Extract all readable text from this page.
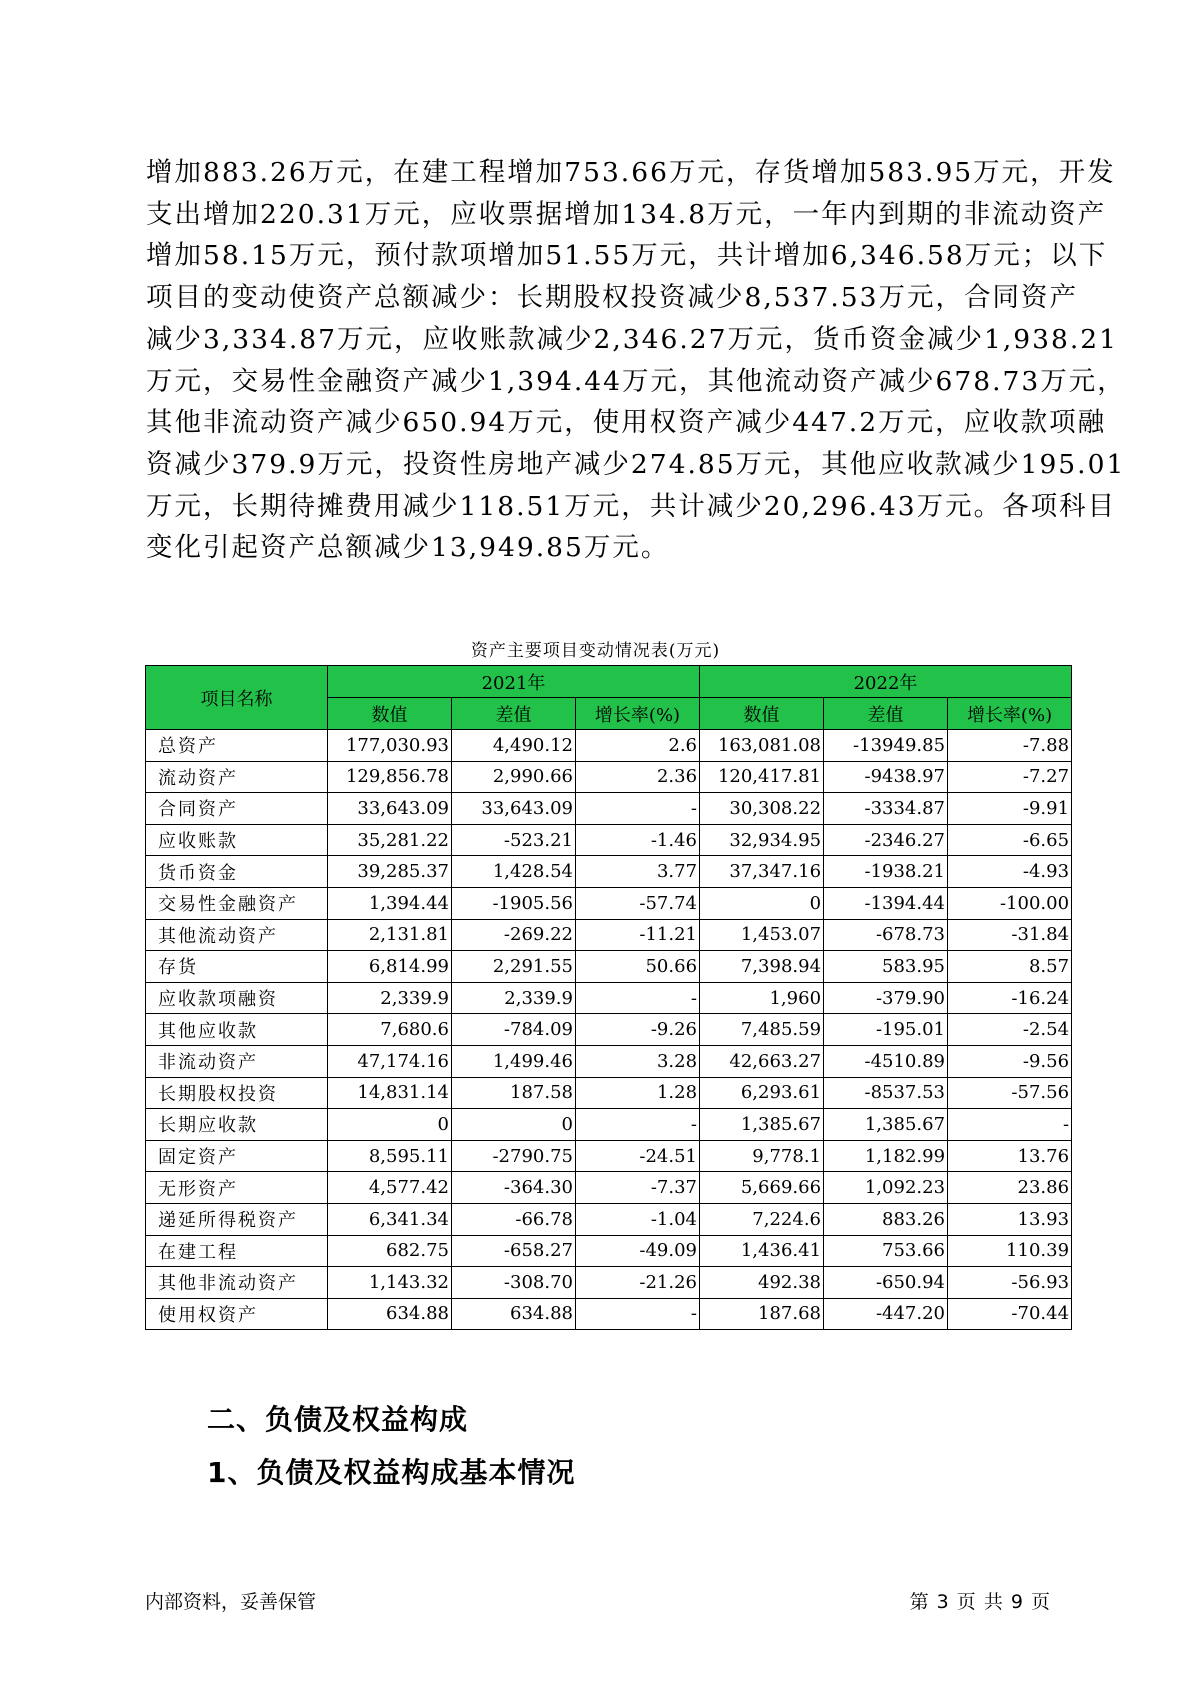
增加883.26万元，在建工程增加753.66万元，存货增加583.95万元，开发
支出增加220.31万元，应收票据增加134.8万元，一年内到期的非流动资产
增加58.15万元，预付款项增加51.55万元，共计增加6,346.58万元；以下
项目的变动使资产总额减少：长期股权投资减少8,537.53万元，合同资产
减少3,334.87万元，应收账款减少2,346.27万元，货币资金减少1,938.21
万元，交易性金融资产减少1,394.44万元，其他流动资产减少678.73万元，
其他非流动资产减少650.94万元，使用权资产减少447.2万元，应收款项融
资减少379.9万元，投资性房地产减少274.85万元，其他应收款减少195.01
万元，长期待摊费用减少118.51万元，共计减少20,296.43万元。各项科目
变化引起资产总额减少13,949.85万元。
资产主要项目变动情况表(万元)
项目名称	2021年			2022年		
	数值	差值	增长率(%)	数值	差值	增长率(%)
总资产	177,030.93	4,490.12	2.6	163,081.08	-13949.85	-7.88
流动资产	129,856.78	2,990.66	2.36	120,417.81	-9438.97	-7.27
合同资产	33,643.09	33,643.09	-	30,308.22	-3334.87	-9.91
应收账款	35,281.22	-523.21	-1.46	32,934.95	-2346.27	-6.65
货币资金	39,285.37	1,428.54	3.77	37,347.16	-1938.21	-4.93
交易性金融资产	1,394.44	-1905.56	-57.74	0	-1394.44	-100.00
其他流动资产	2,131.81	-269.22	-11.21	1,453.07	-678.73	-31.84
存货	6,814.99	2,291.55	50.66	7,398.94	583.95	8.57
应收款项融资	2,339.9	2,339.9	-	1,960	-379.90	-16.24
其他应收款	7,680.6	-784.09	-9.26	7,485.59	-195.01	-2.54
非流动资产	47,174.16	1,499.46	3.28	42,663.27	-4510.89	-9.56
长期股权投资	14,831.14	187.58	1.28	6,293.61	-8537.53	-57.56
长期应收款	0	0	-	1,385.67	1,385.67	-
固定资产	8,595.11	-2790.75	-24.51	9,778.1	1,182.99	13.76
无形资产	4,577.42	-364.30	-7.37	5,669.66	1,092.23	23.86
递延所得税资产	6,341.34	-66.78	-1.04	7,224.6	883.26	13.93
在建工程	682.75	-658.27	-49.09	1,436.41	753.66	110.39
其他非流动资产	1,143.32	-308.70	-21.26	492.38	-650.94	-56.93
使用权资产	634.88	634.88	-	187.68	-447.20	-70.44
二、负债及权益构成
1、负债及权益构成基本情况
内部资料，妥善保管	第 3 页 共 9 页
